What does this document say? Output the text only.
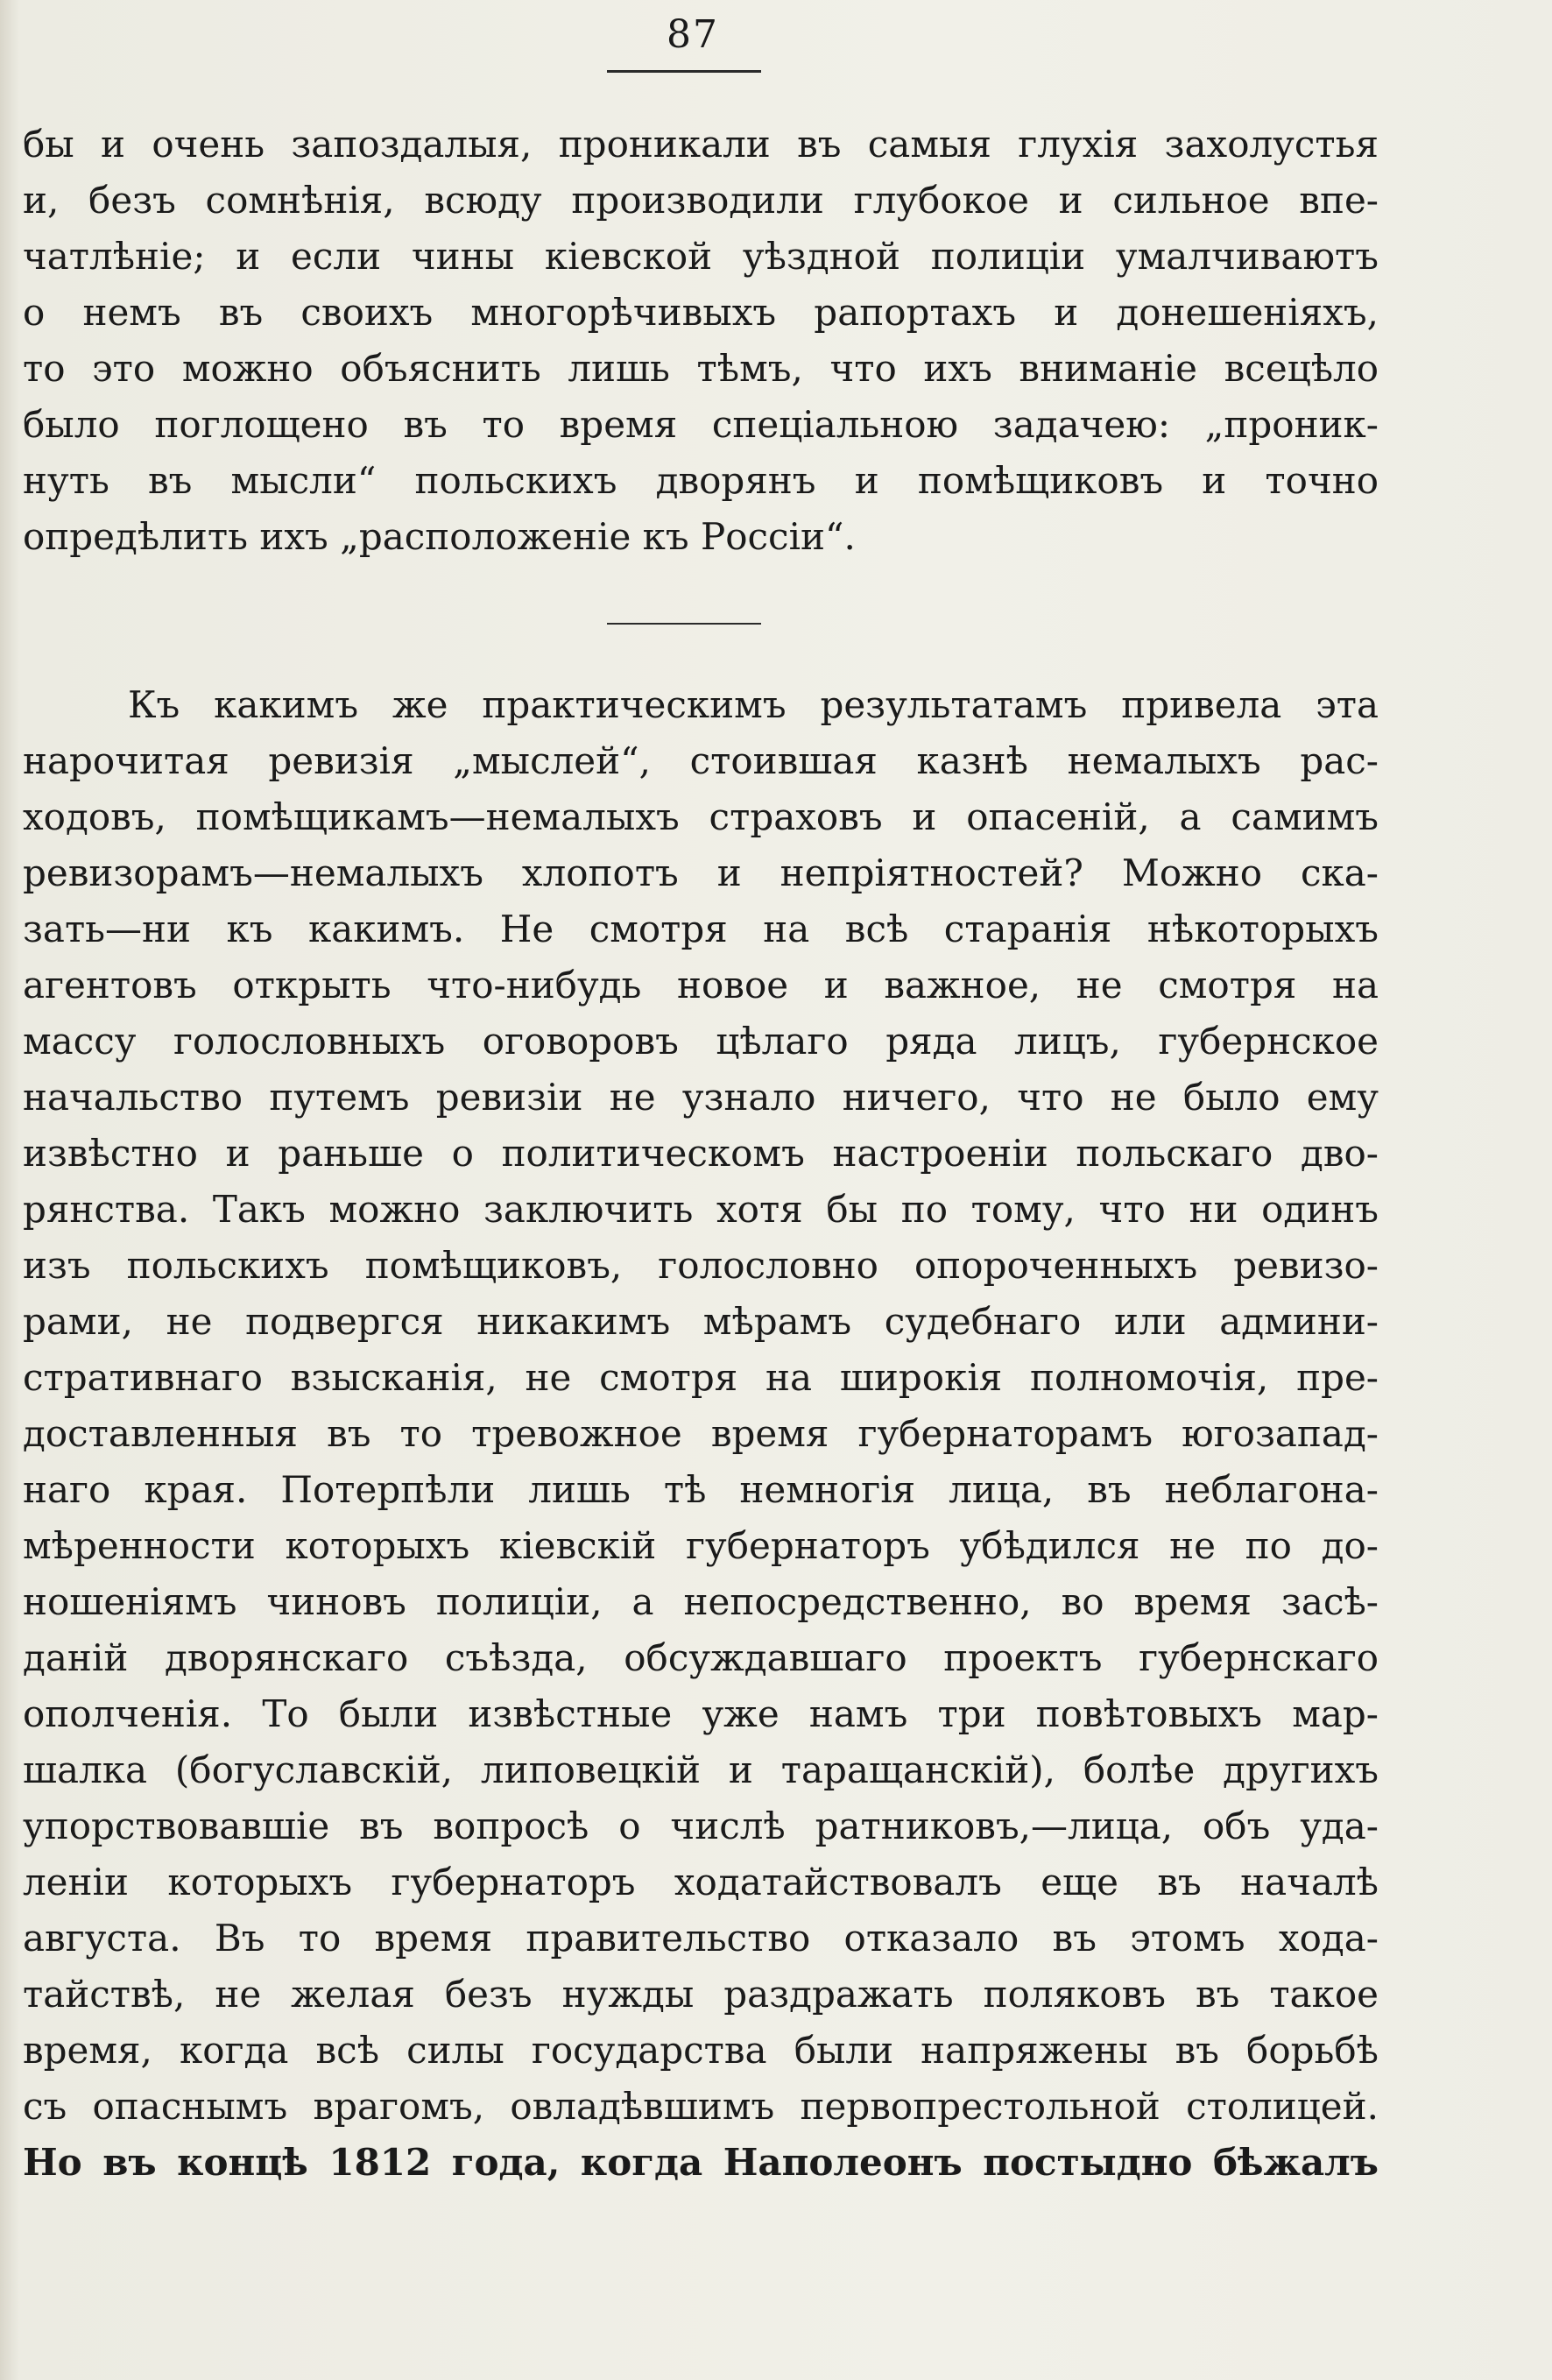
87
бы и очень запоздалыя, проникали въ самыя глухія захолустья
и, безъ сомнѣнія, всюду производили глубокое и сильное впе-
чатлѣніе; и если чины кіевской уѣздной полиціи умалчиваютъ
о немъ въ своихъ многорѣчивыхъ рапортахъ и донешеніяхъ,
то это можно объяснить лишь тѣмъ, что ихъ вниманіе всецѣло
было поглощено въ то время спеціальною задачею: „проник-
нуть въ мысли“ польскихъ дворянъ и помѣщиковъ и точно
опредѣлить ихъ „расположеніе къ Россіи“.
Къ какимъ же практическимъ результатамъ привела эта
нарочитая ревизія „мыслей“, стоившая казнѣ немалыхъ рас-
ходовъ, помѣщикамъ—немалыхъ страховъ и опасеній, а самимъ
ревизорамъ—немалыхъ хлопотъ и непріятностей? Можно ска-
зать—ни къ какимъ. Не смотря на всѣ старанія нѣкоторыхъ
агентовъ открыть что-нибудь новое и важное, не смотря на
массу голословныхъ оговоровъ цѣлаго ряда лицъ, губернское
начальство путемъ ревизіи не узнало ничего, что не было ему
извѣстно и раньше о политическомъ настроеніи польскаго дво-
рянства. Такъ можно заключить хотя бы по тому, что ни одинъ
изъ польскихъ помѣщиковъ, голословно опороченныхъ ревизо-
рами, не подвергся никакимъ мѣрамъ судебнаго или админи-
стративнаго взысканія, не смотря на широкія полномочія, пре-
доставленныя въ то тревожное время губернаторамъ югозапад-
наго края. Потерпѣли лишь тѣ немногія лица, въ неблагона-
мѣренности которыхъ кіевскій губернаторъ убѣдился не по до-
ношеніямъ чиновъ полиціи, а непосредственно, во время засѣ-
даній дворянскаго съѣзда, обсуждавшаго проектъ губернскаго
ополченія. То были извѣстные уже намъ три повѣтовыхъ мар-
шалка (богуславскій, липовецкій и таращанскій), болѣе другихъ
упорствовавшіе въ вопросѣ о числѣ ратниковъ,—лица, объ уда-
леніи которыхъ губернаторъ ходатайствовалъ еще въ началѣ
августа. Въ то время правительство отказало въ этомъ хода-
тайствѣ, не желая безъ нужды раздражать поляковъ въ такое
время, когда всѣ силы государства были напряжены въ борьбѣ
съ опаснымъ врагомъ, овладѣвшимъ первопрестольной столицей.
Но въ концѣ 1812 года, когда Наполеонъ постыдно бѣжалъ
